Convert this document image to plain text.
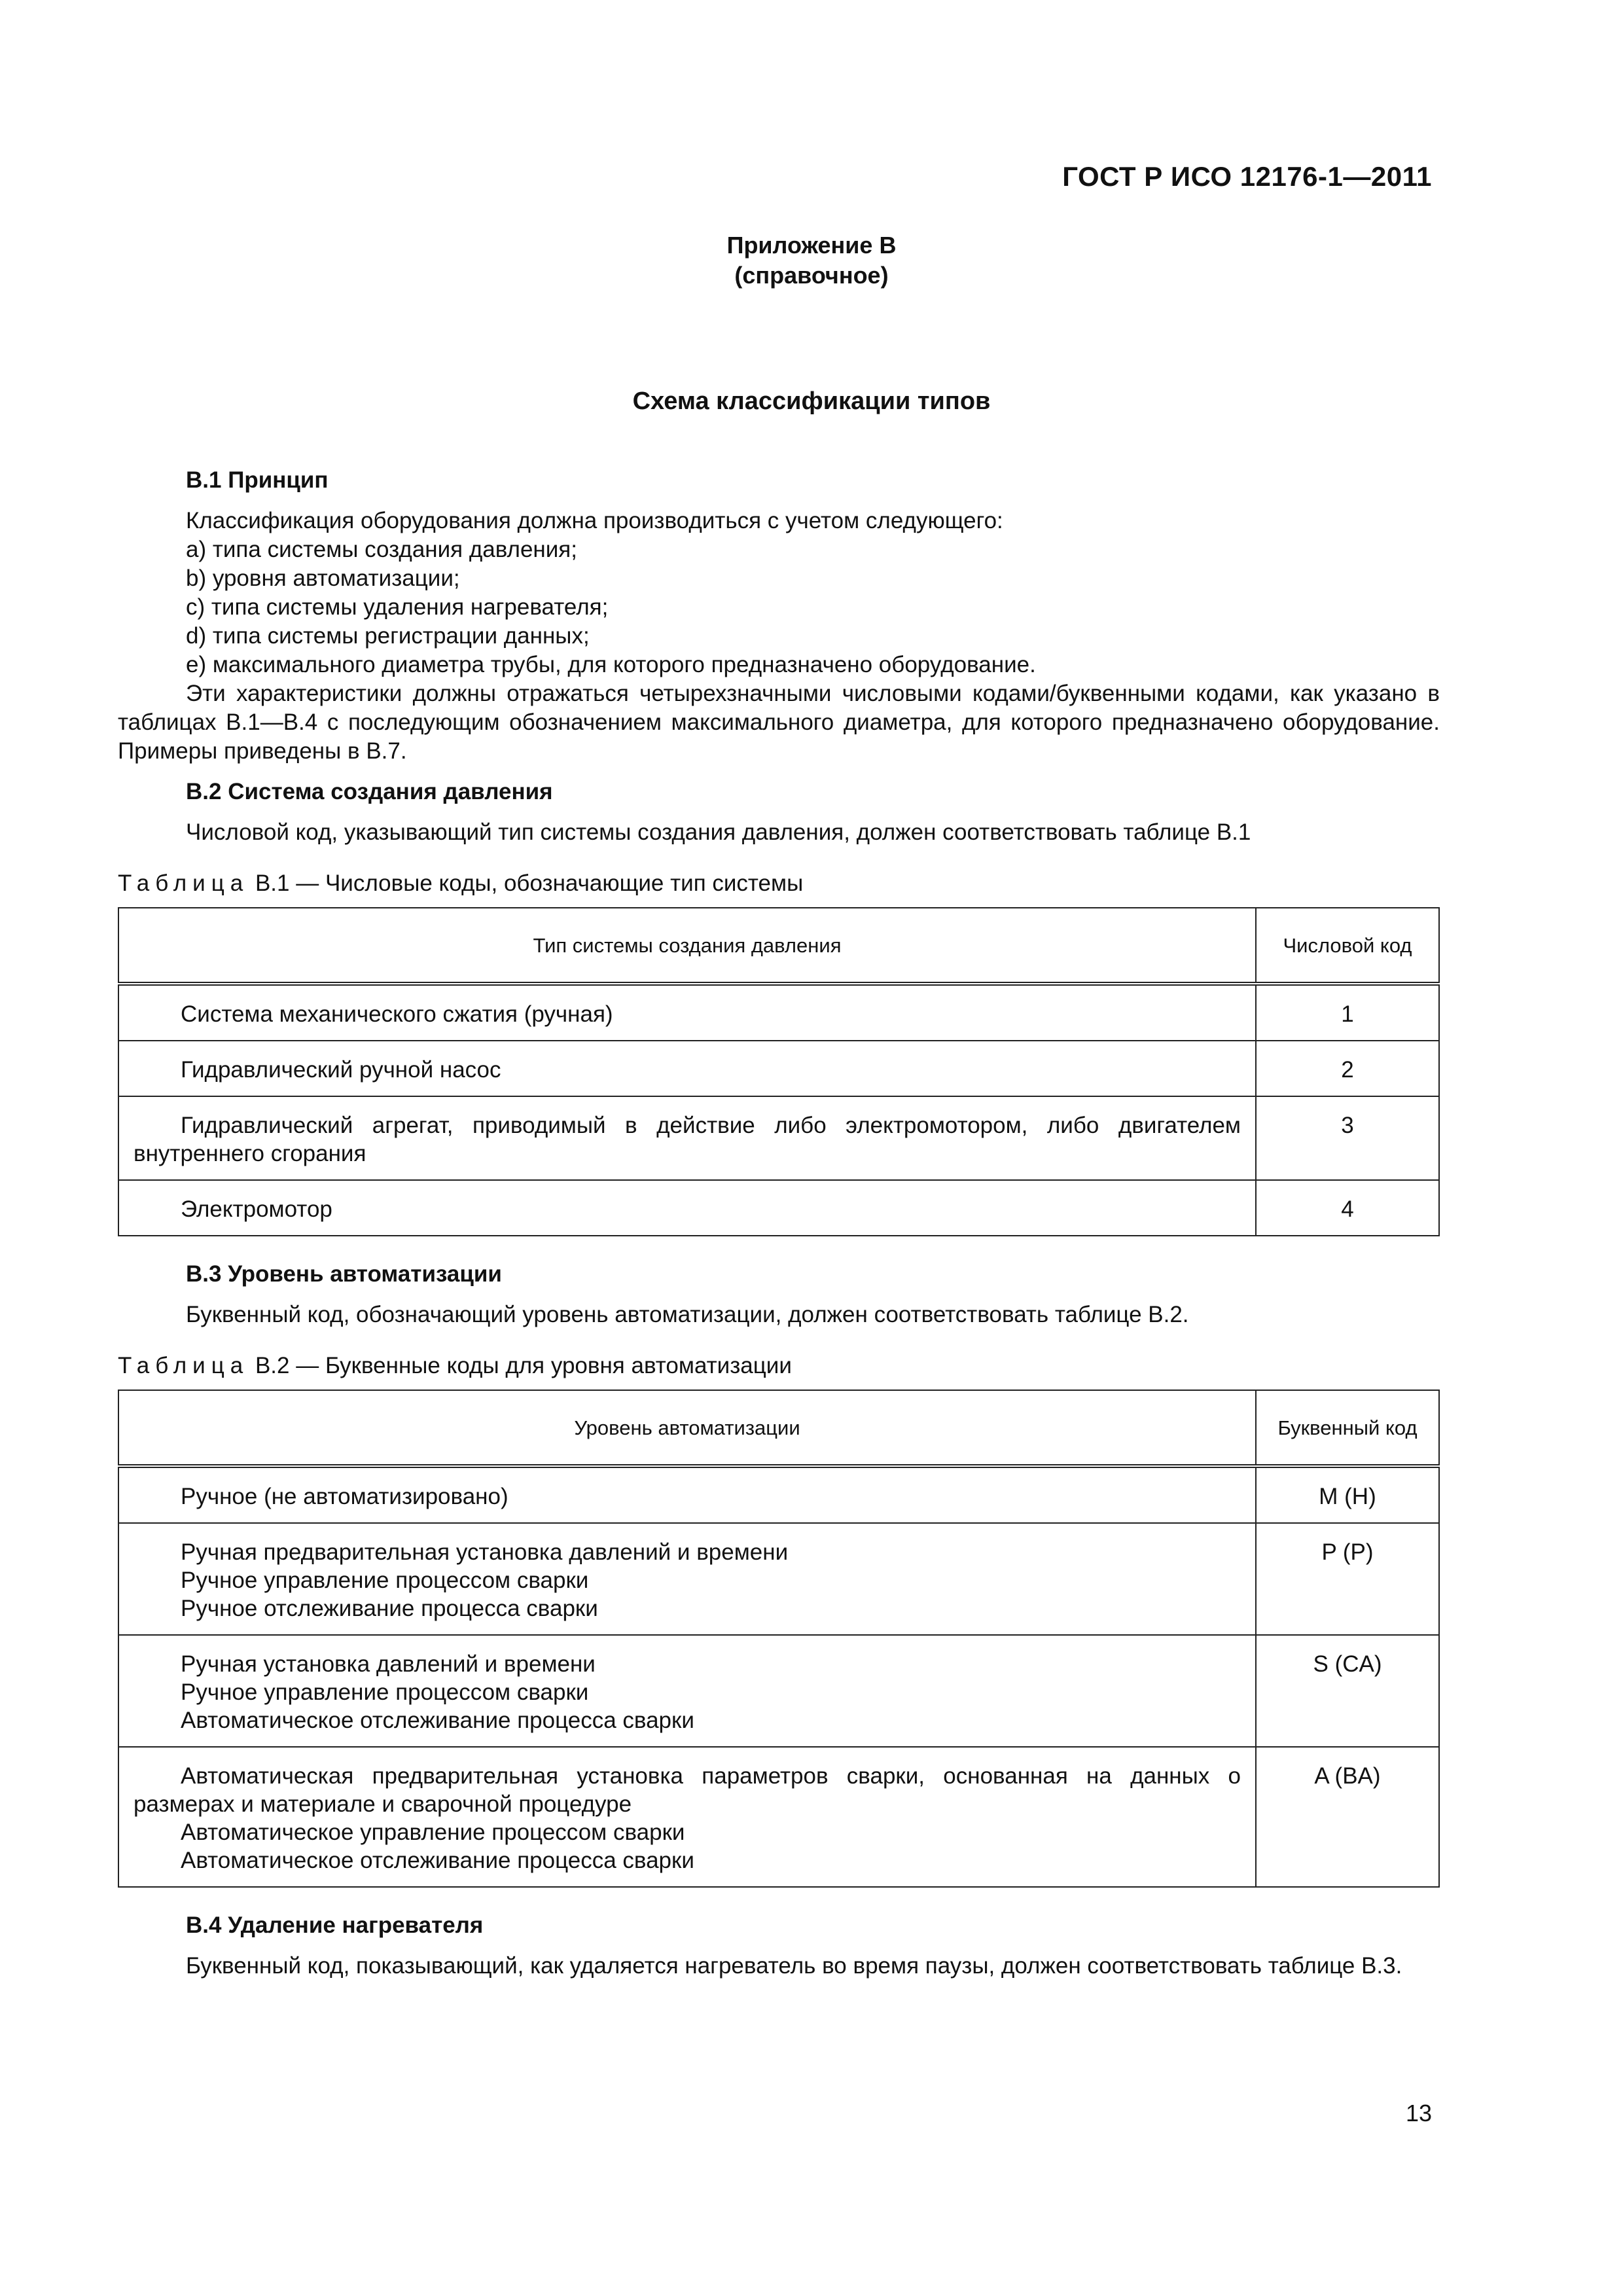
ГОСТ Р ИСО 12176-1—2011
Приложение В
(справочное)
Схема классификации типов

В.1 Принцип

Классификация оборудования должна производиться с учетом следующего:

a) типа системы создания давления;
b) уровня автоматизации;
c) типа системы удаления нагревателя;
d) типа системы регистрации данных;
e) максимального диаметра трубы, для которого предназначено оборудование.

Эти характеристики должны отражаться четырехзначными числовыми кодами/буквенными кодами, как указано в таблицах В.1—В.4 с последующим обозначением максимального диаметра, для которого предназначено оборудование. Примеры приведены в В.7.

В.2 Система создания давления

Числовой код, указывающий тип системы создания давления, должен соответствовать таблице В.1

Таблица В.1 — Числовые коды, обозначающие тип системы

Тип системы создания давления	Числовой код

Система механического сжатия (ручная)	1

Гидравлический ручной насос	2

Гидравлический агрегат, приводимый в действие либо электромотором, либо двигателем внутреннего сгорания	3

Электромотор	4

В.3 Уровень автоматизации

Буквенный код, обозначающий уровень автоматизации, должен соответствовать таблице В.2.

Таблица В.2 — Буквенные коды для уровня автоматизации

Уровень автоматизации	Буквенный код

Ручное (не автоматизировано)	M (H)

Ручная предварительная установка давлений и времени
Ручное управление процессом сварки
Ручное отслеживание процесса сварки	P (P)

Ручная установка давлений и времени
Ручное управление процессом сварки
Автоматическое отслеживание процесса сварки	S (CA)

Автоматическая предварительная установка параметров сварки, основанная на данных о размерах и материале и сварочной процедуре
Автоматическое управление процессом сварки
Автоматическое отслеживание процесса сварки	A (BA)

В.4 Удаление нагревателя

Буквенный код, показывающий, как удаляется нагреватель во время паузы, должен соответствовать таблице В.3.

13
